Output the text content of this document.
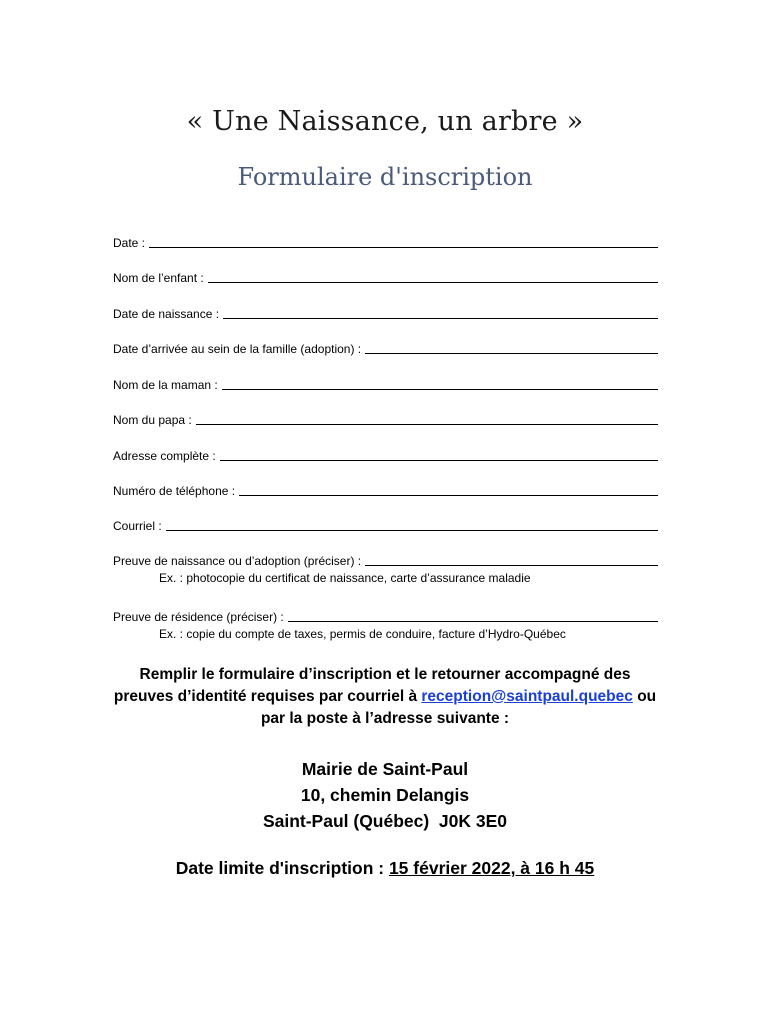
« Une Naissance, un arbre »
Formulaire d'inscription
Date :
Nom de l’enfant :
Date de naissance :
Date d’arrivée au sein de la famille (adoption) :
Nom de la maman :
Nom du papa :
Adresse complète :
Numéro de téléphone :
Courriel :
Preuve de naissance ou d’adoption (préciser) :
Ex. : photocopie du certificat de naissance, carte d’assurance maladie
Preuve de résidence (préciser) :
Ex. : copie du compte de taxes, permis de conduire, facture d’Hydro-Québec
Remplir le formulaire d’inscription et le retourner accompagné des
preuves d’identité requises par courriel à reception@saintpaul.quebec ou
par la poste à l’adresse suivante :
Mairie de Saint-Paul
10, chemin Delangis
Saint-Paul (Québec)  J0K 3E0
Date limite d'inscription : 15 février 2022, à 16 h 45
